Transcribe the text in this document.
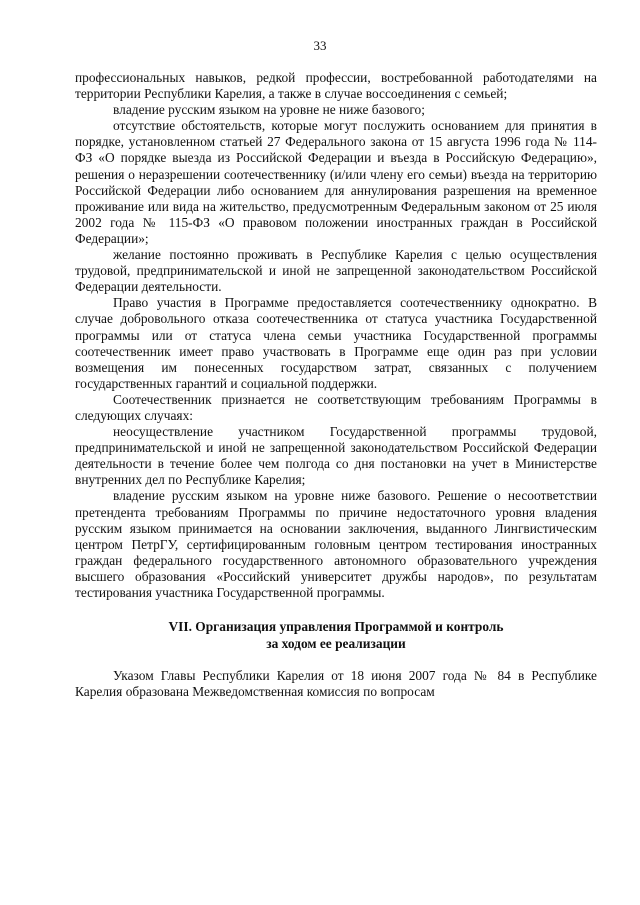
33

профессиональных навыков, редкой профессии, востребованной работодателями на территории Республики Карелия, а также в случае воссоединения с семьей;

владение русским языком на уровне не ниже базового;

отсутствие обстоятельств, которые могут послужить основанием для принятия в порядке, установленном статьей 27 Федерального закона от 15 августа 1996 года № 114-ФЗ «О порядке выезда из Российской Федерации и въезда в Российскую Федерацию», решения о неразрешении соотечественнику (и/или члену его семьи) въезда на территорию Российской Федерации либо основанием для аннулирования разрешения на временное проживание или вида на жительство, предусмотренным Федеральным законом от 25 июля 2002 года № 115-ФЗ «О правовом положении иностранных граждан в Российской Федерации»;

желание постоянно проживать в Республике Карелия с целью осуществления трудовой, предпринимательской и иной не запрещенной законодательством Российской Федерации деятельности.

Право участия в Программе предоставляется соотечественнику однократно. В случае добровольного отказа соотечественника от статуса участника Государственной программы или от статуса члена семьи участника Государственной программы соотечественник имеет право участвовать в Программе еще один раз при условии возмещения им понесенных государством затрат, связанных с получением государственных гарантий и социальной поддержки.

Соотечественник признается не соответствующим требованиям Программы в следующих случаях:

неосуществление участником Государственной программы трудовой, предпринимательской и иной не запрещенной законодательством Российской Федерации деятельности в течение более чем полгода со дня постановки на учет в Министерстве внутренних дел по Республике Карелия;

владение русским языком на уровне ниже базового. Решение о несоответствии претендента требованиям Программы по причине недостаточного уровня владения русским языком принимается на основании заключения, выданного Лингвистическим центром ПетрГУ, сертифицированным головным центром тестирования иностранных граждан федерального государственного автономного образовательного учреждения высшего образования «Российский университет дружбы народов», по результатам тестирования участника Государственной программы.

VII. Организация управления Программой и контроль
за ходом ее реализации

Указом Главы Республики Карелия от 18 июня 2007 года № 84 в Республике Карелия образована Межведомственная комиссия по вопросам
